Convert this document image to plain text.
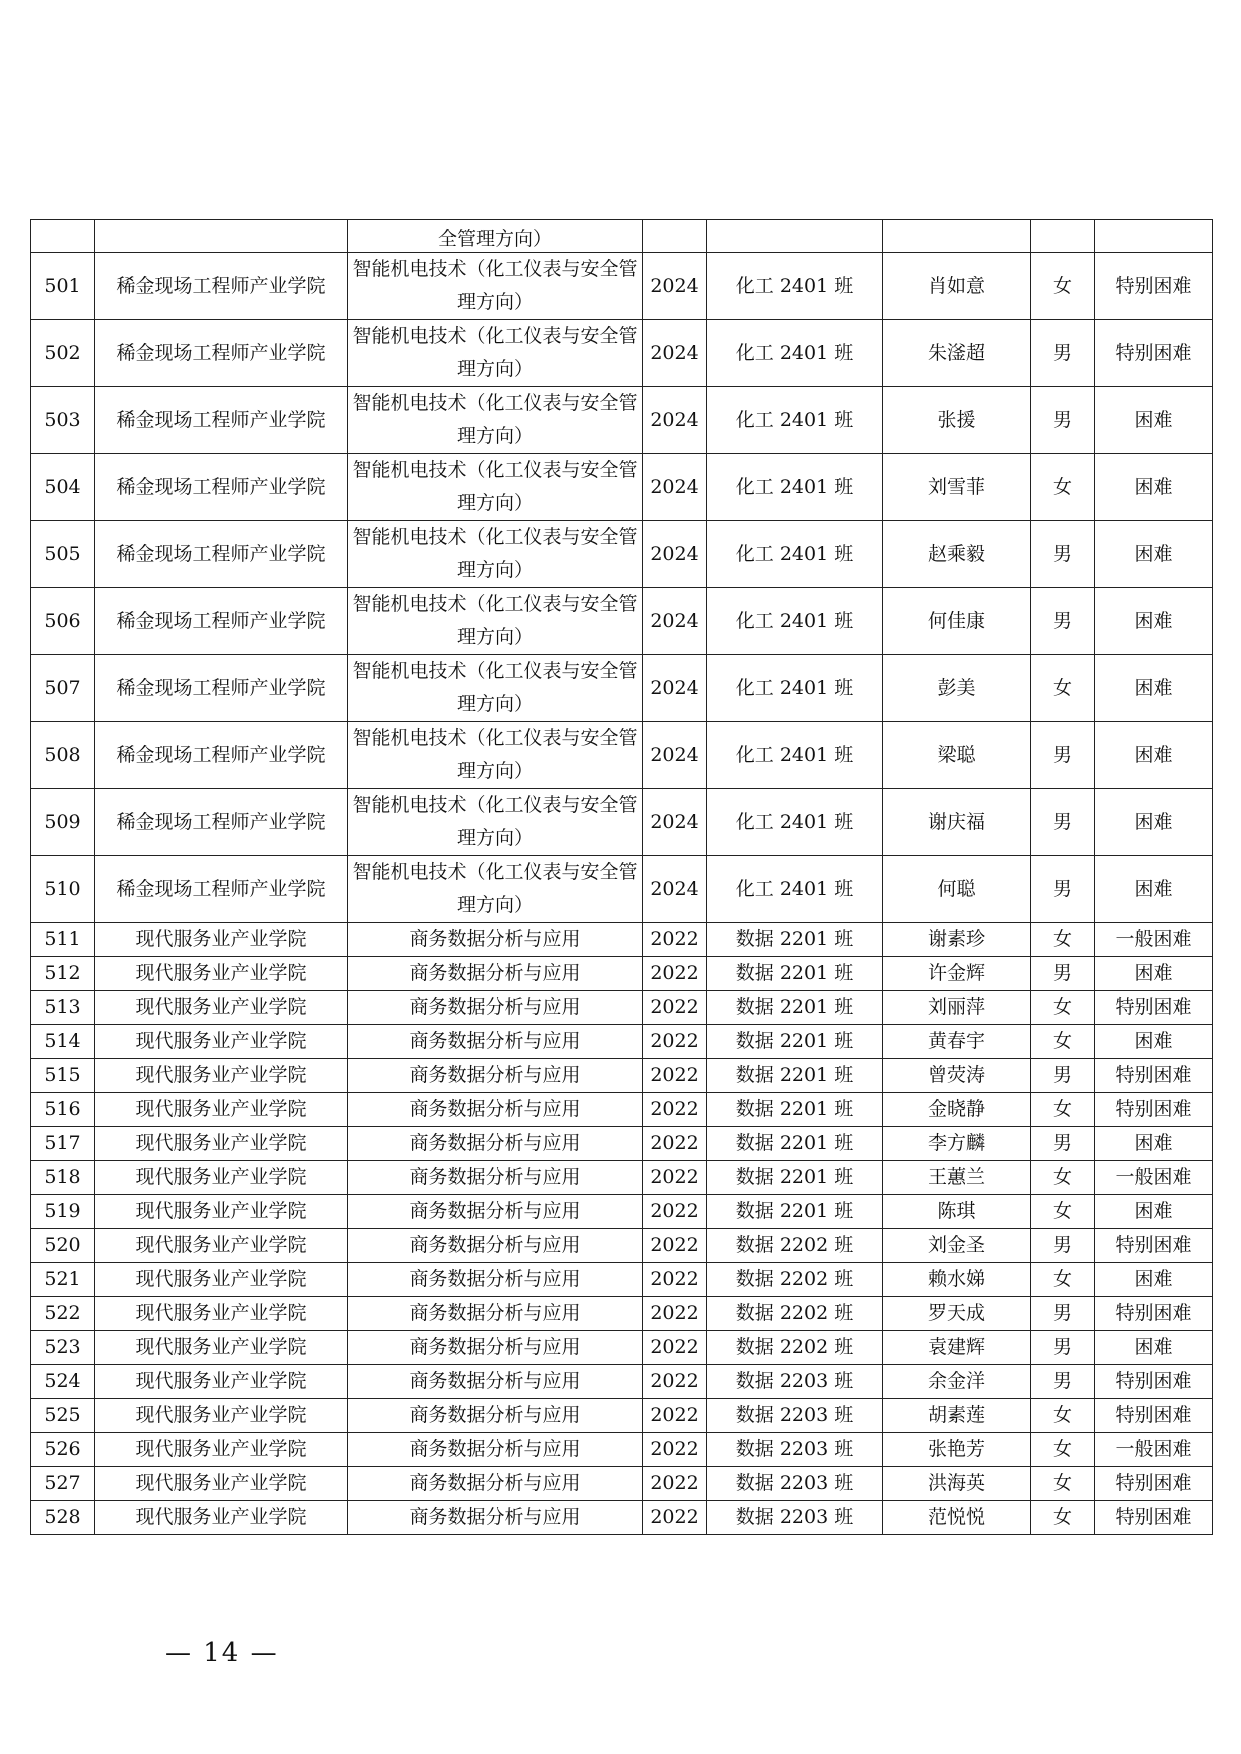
		全管理方向）					
501	稀金现场工程师产业学院	智能机电技术（化工仪表与安全管理方向）	2024	化工 2401 班	肖如意	女	特别困难
502	稀金现场工程师产业学院	智能机电技术（化工仪表与安全管理方向）	2024	化工 2401 班	朱滏超	男	特别困难
503	稀金现场工程师产业学院	智能机电技术（化工仪表与安全管理方向）	2024	化工 2401 班	张援	男	困难
504	稀金现场工程师产业学院	智能机电技术（化工仪表与安全管理方向）	2024	化工 2401 班	刘雪菲	女	困难
505	稀金现场工程师产业学院	智能机电技术（化工仪表与安全管理方向）	2024	化工 2401 班	赵乘毅	男	困难
506	稀金现场工程师产业学院	智能机电技术（化工仪表与安全管理方向）	2024	化工 2401 班	何佳康	男	困难
507	稀金现场工程师产业学院	智能机电技术（化工仪表与安全管理方向）	2024	化工 2401 班	彭美	女	困难
508	稀金现场工程师产业学院	智能机电技术（化工仪表与安全管理方向）	2024	化工 2401 班	梁聪	男	困难
509	稀金现场工程师产业学院	智能机电技术（化工仪表与安全管理方向）	2024	化工 2401 班	谢庆福	男	困难
510	稀金现场工程师产业学院	智能机电技术（化工仪表与安全管理方向）	2024	化工 2401 班	何聪	男	困难
511	现代服务业产业学院	商务数据分析与应用	2022	数据 2201 班	谢素珍	女	一般困难
512	现代服务业产业学院	商务数据分析与应用	2022	数据 2201 班	许金辉	男	困难
513	现代服务业产业学院	商务数据分析与应用	2022	数据 2201 班	刘丽萍	女	特别困难
514	现代服务业产业学院	商务数据分析与应用	2022	数据 2201 班	黄春宇	女	困难
515	现代服务业产业学院	商务数据分析与应用	2022	数据 2201 班	曾荧涛	男	特别困难
516	现代服务业产业学院	商务数据分析与应用	2022	数据 2201 班	金晓静	女	特别困难
517	现代服务业产业学院	商务数据分析与应用	2022	数据 2201 班	李方麟	男	困难
518	现代服务业产业学院	商务数据分析与应用	2022	数据 2201 班	王蕙兰	女	一般困难
519	现代服务业产业学院	商务数据分析与应用	2022	数据 2201 班	陈琪	女	困难
520	现代服务业产业学院	商务数据分析与应用	2022	数据 2202 班	刘金圣	男	特别困难
521	现代服务业产业学院	商务数据分析与应用	2022	数据 2202 班	赖水娣	女	困难
522	现代服务业产业学院	商务数据分析与应用	2022	数据 2202 班	罗天成	男	特别困难
523	现代服务业产业学院	商务数据分析与应用	2022	数据 2202 班	袁建辉	男	困难
524	现代服务业产业学院	商务数据分析与应用	2022	数据 2203 班	余金洋	男	特别困难
525	现代服务业产业学院	商务数据分析与应用	2022	数据 2203 班	胡素莲	女	特别困难
526	现代服务业产业学院	商务数据分析与应用	2022	数据 2203 班	张艳芳	女	一般困难
527	现代服务业产业学院	商务数据分析与应用	2022	数据 2203 班	洪海英	女	特别困难
528	现代服务业产业学院	商务数据分析与应用	2022	数据 2203 班	范悦悦	女	特别困难
— 14 —
